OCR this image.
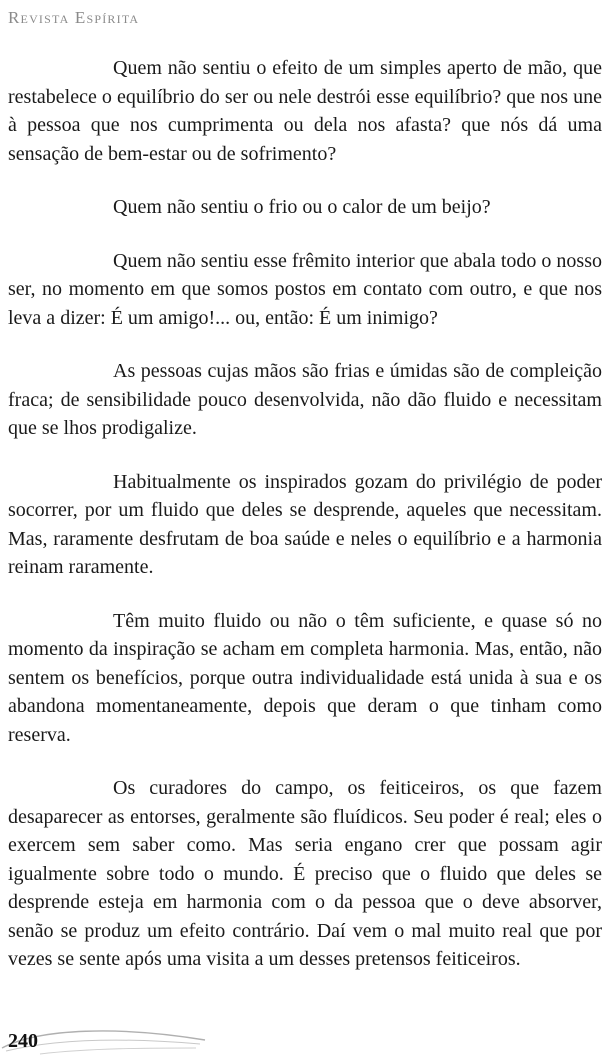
Revista Espírita

Quem não sentiu o efeito de um simples aperto de mão, que restabelece o equilíbrio do ser ou nele destrói esse equilíbrio? que nos une à pessoa que nos cumprimenta ou dela nos afasta? que nós dá uma sensação de bem-estar ou de sofrimento?

Quem não sentiu o frio ou o calor de um beijo?

Quem não sentiu esse frêmito interior que abala todo o nosso ser, no momento em que somos postos em contato com outro, e que nos leva a dizer: É um amigo!... ou, então: É um inimigo?

As pessoas cujas mãos são frias e úmidas são de compleição fraca; de sensibilidade pouco desenvolvida, não dão fluido e necessitam que se lhos prodigalize.

Habitualmente os inspirados gozam do privilégio de poder socorrer, por um fluido que deles se desprende, aqueles que necessitam. Mas, raramente desfrutam de boa saúde e neles o equilíbrio e a harmonia reinam raramente.

Têm muito fluido ou não o têm suficiente, e quase só no momento da inspiração se acham em completa harmonia. Mas, então, não sentem os benefícios, porque outra individualidade está unida à sua e os abandona momentaneamente, depois que deram o que tinham como reserva.

Os curadores do campo, os feiticeiros, os que fazem desaparecer as entorses, geralmente são fluídicos. Seu poder é real; eles o exercem sem saber como. Mas seria engano crer que possam agir igualmente sobre todo o mundo. É preciso que o fluido que deles se desprende esteja em harmonia com o da pessoa que o deve absorver, senão se produz um efeito contrário. Daí vem o mal muito real que por vezes se sente após uma visita a um desses pretensos feiticeiros.

240
